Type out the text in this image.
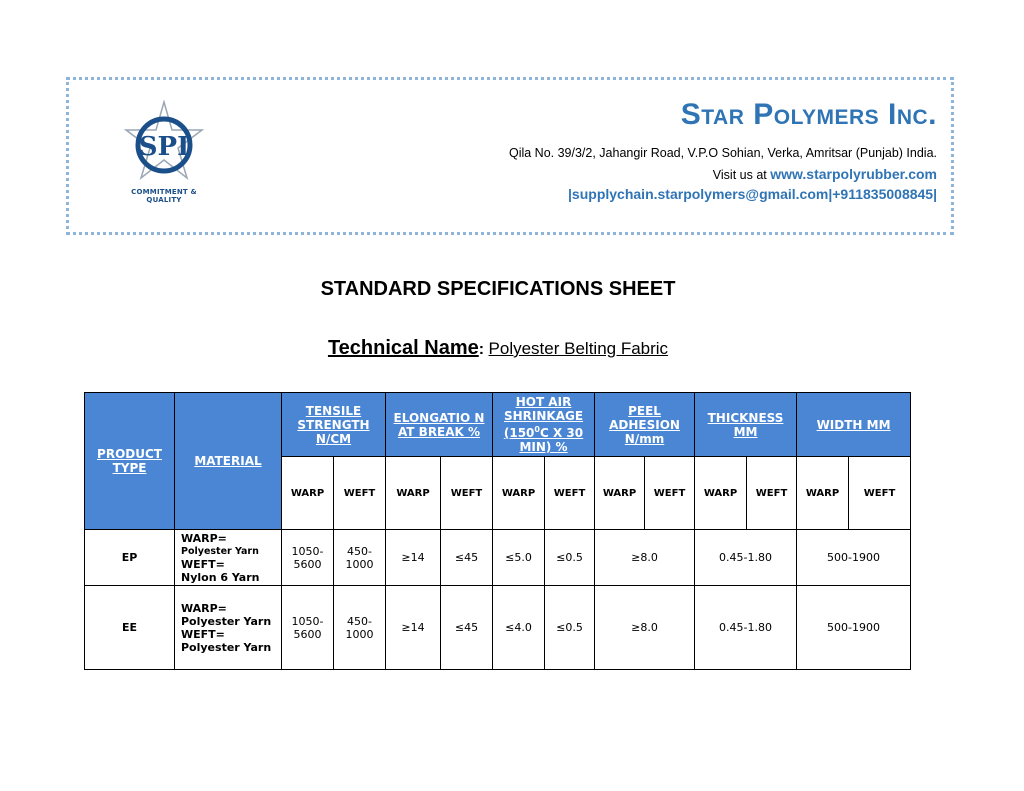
SPI
COMMITMENT & QUALITY
Star Polymers Inc.
Qila No. 39/3/2, Jahangir Road, V.P.O Sohian, Verka, Amritsar (Punjab) India.
Visit us at www.starpolyrubber.com
|supplychain.starpolymers@gmail.com|+911835008845|
STANDARD SPECIFICATIONS SHEET
Technical Name: Polyester Belting Fabric
PRODUCT TYPE	MATERIAL	TENSILE STRENGTH N/CM		ELONGATIO N AT BREAK %		HOT AIR SHRINKAGE ($150^0C$ X 30 MIN) %		PEEL ADHESION N/mm		THICKNESS MM		WIDTH MM	
		WARP	WEFT	WARP	WEFT	WARP	WEFT	WARP	WEFT	WARP	WEFT	WARP	WEFT
EP	WARP=
Polyester Yarn
WEFT=
Nylon 6 Yarn	1050-5600	450-1000	≥14	≤45	≤5.0	≤0.5	≥8.0		0.45-1.80		500-1900	
EE	WARP=
Polyester Yarn
WEFT=
Polyester Yarn	1050-5600	450-1000	≥14	≤45	≤4.0	≤0.5	≥8.0		0.45-1.80		500-1900	
